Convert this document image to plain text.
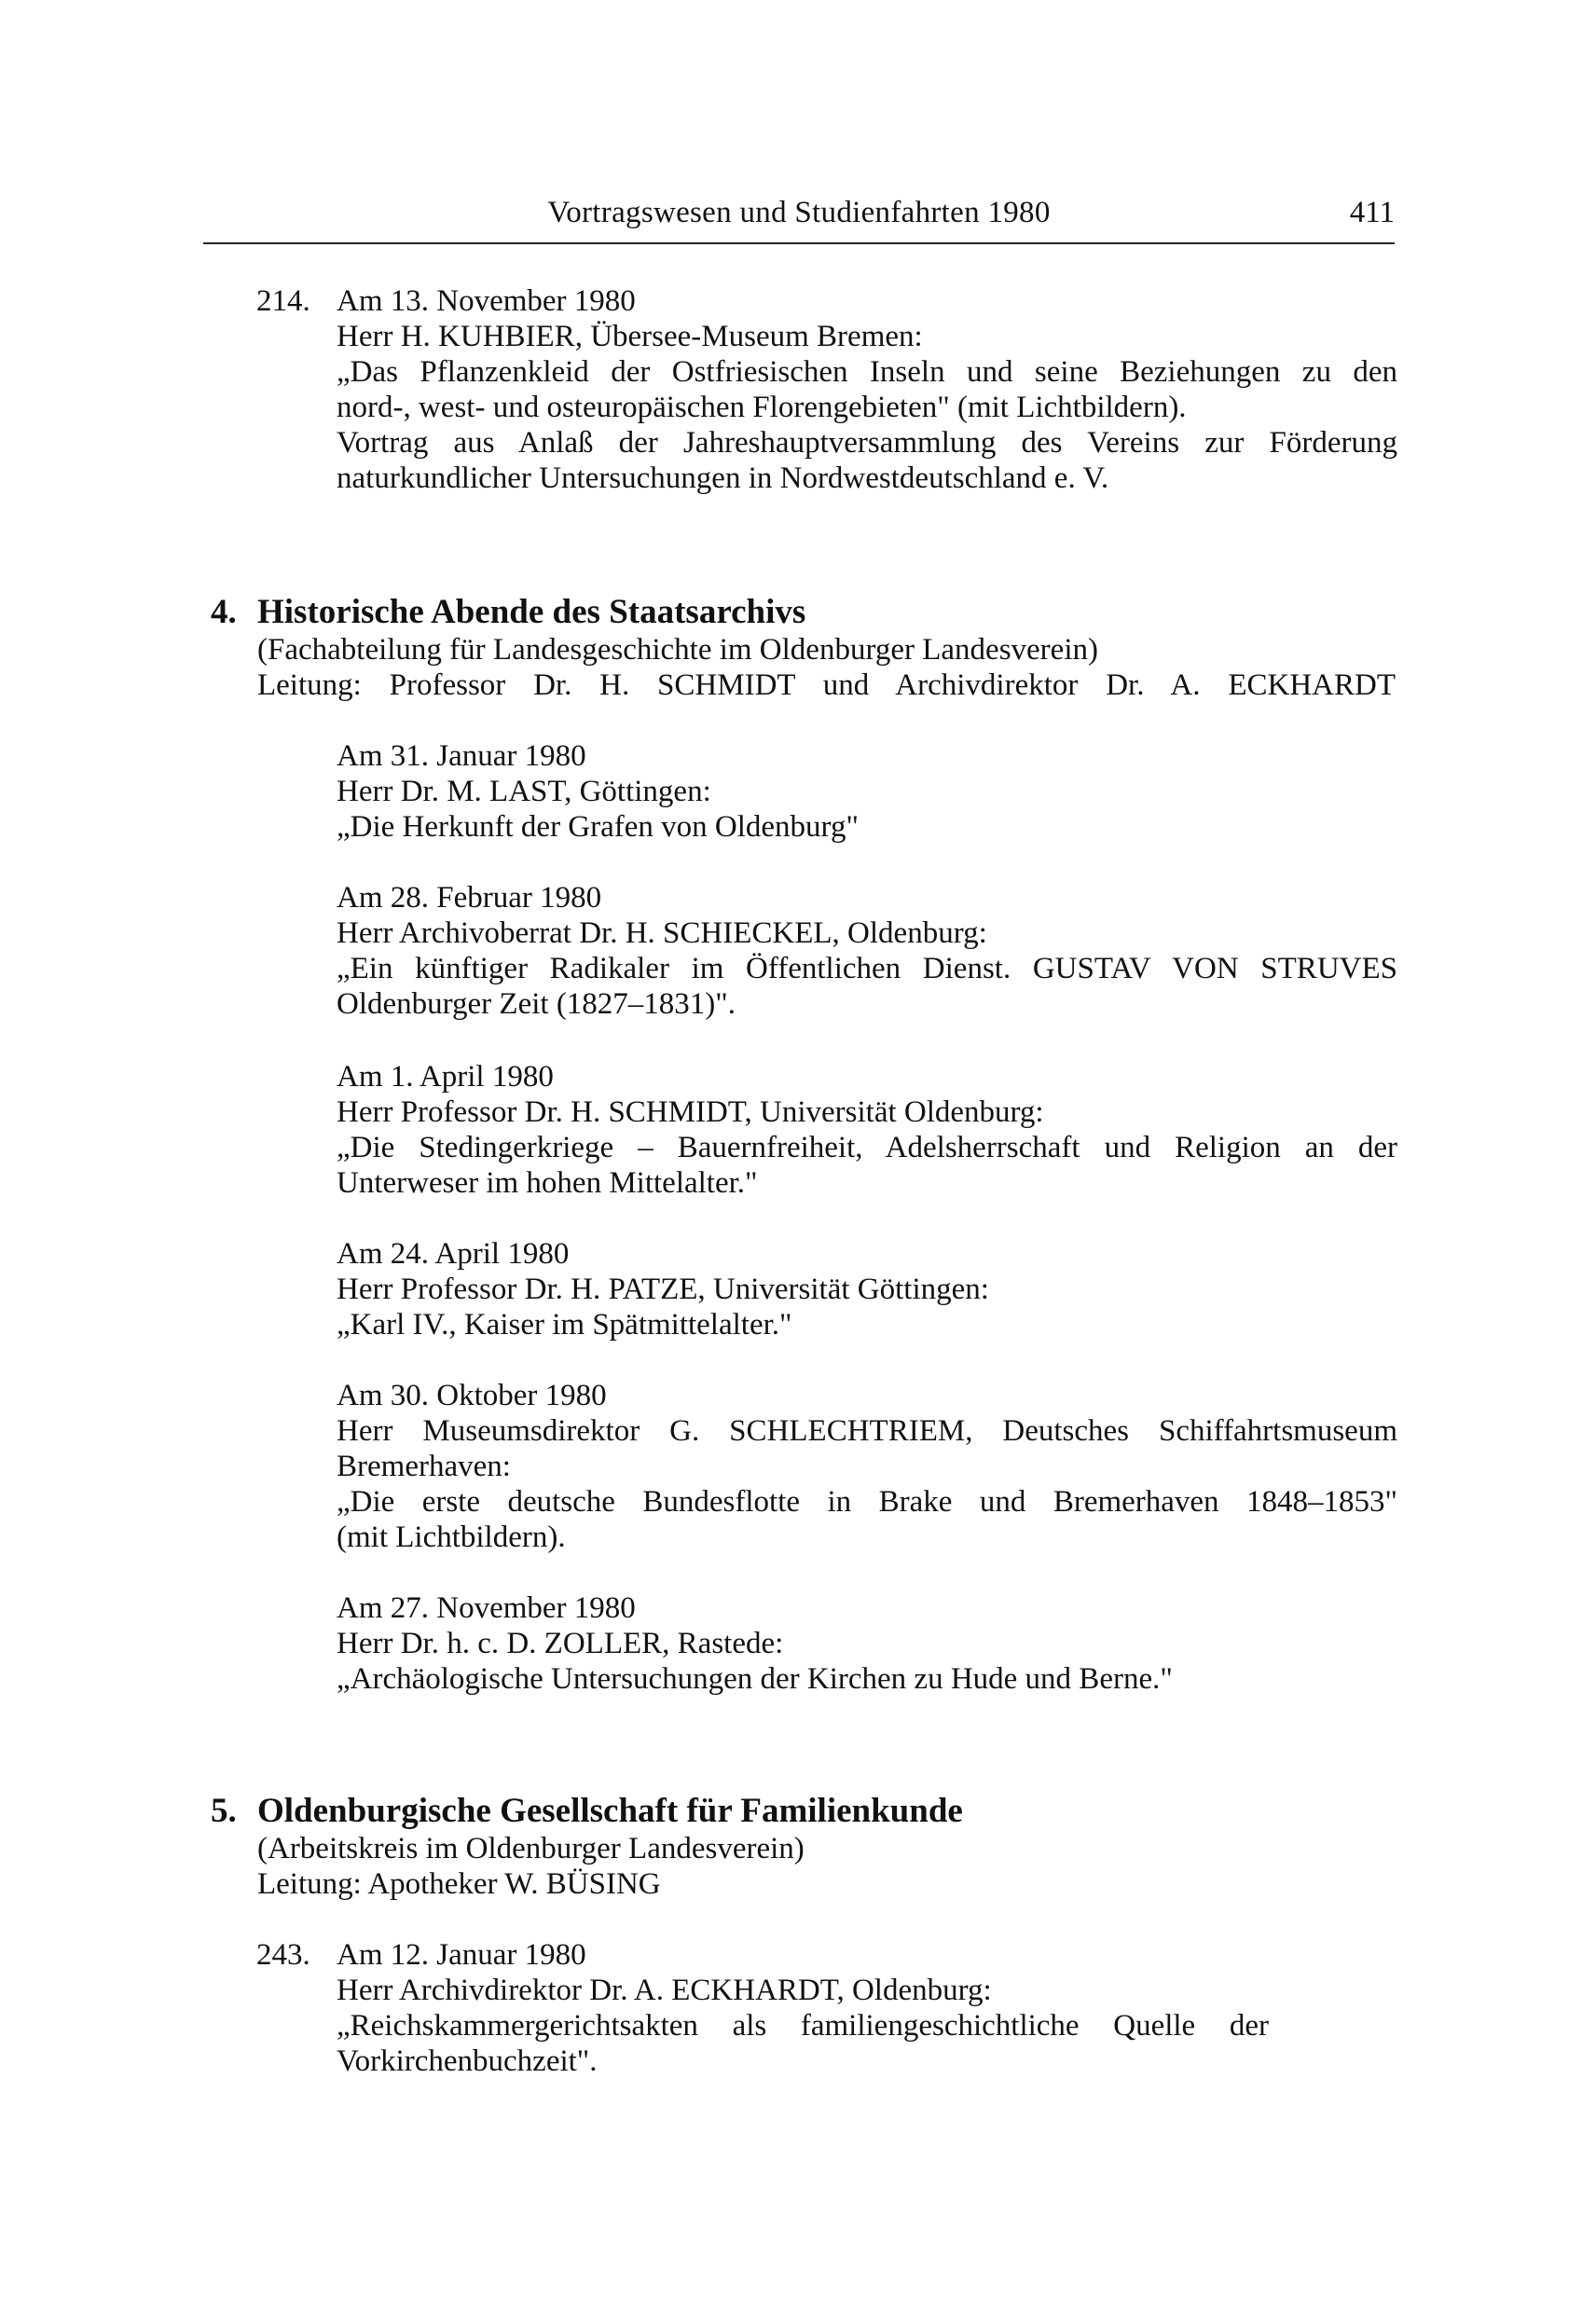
Vortragswesen und Studienfahrten 1980	411
214. Am 13. November 1980
Herr H. KUHBIER, Übersee-Museum Bremen:
„Das Pflanzenkleid der Ostfriesischen Inseln und seine Beziehungen zu den
nord-, west- und osteuropäischen Florengebieten" (mit Lichtbildern).
Vortrag aus Anlaß der Jahreshauptversammlung des Vereins zur Förderung
naturkundlicher Untersuchungen in Nordwestdeutschland e. V.
4. Historische Abende des Staatsarchivs
(Fachabteilung für Landesgeschichte im Oldenburger Landesverein)
Leitung: Professor Dr. H. SCHMIDT und Archivdirektor Dr. A. ECKHARDT
Am 31. Januar 1980
Herr Dr. M. LAST, Göttingen:
„Die Herkunft der Grafen von Oldenburg"
Am 28. Februar 1980
Herr Archivoberrat Dr. H. SCHIECKEL, Oldenburg:
„Ein künftiger Radikaler im Öffentlichen Dienst. GUSTAV VON STRUVES
Oldenburger Zeit (1827–1831)".
Am 1. April 1980
Herr Professor Dr. H. SCHMIDT, Universität Oldenburg:
„Die Stedingerkriege – Bauernfreiheit, Adelsherrschaft und Religion an der
Unterweser im hohen Mittelalter."
Am 24. April 1980
Herr Professor Dr. H. PATZE, Universität Göttingen:
„Karl IV., Kaiser im Spätmittelalter."
Am 30. Oktober 1980
Herr Museumsdirektor G. SCHLECHTRIEM, Deutsches Schiffahrtsmuseum
Bremerhaven:
„Die erste deutsche Bundesflotte in Brake und Bremerhaven 1848–1853"
(mit Lichtbildern).
Am 27. November 1980
Herr Dr. h. c. D. ZOLLER, Rastede:
„Archäologische Untersuchungen der Kirchen zu Hude und Berne."
5. Oldenburgische Gesellschaft für Familienkunde
(Arbeitskreis im Oldenburger Landesverein)
Leitung: Apotheker W. BÜSING
243. Am 12. Januar 1980
Herr Archivdirektor Dr. A. ECKHARDT, Oldenburg:
„Reichskammergerichtsakten als familiengeschichtliche Quelle der
Vorkirchenbuchzeit".
